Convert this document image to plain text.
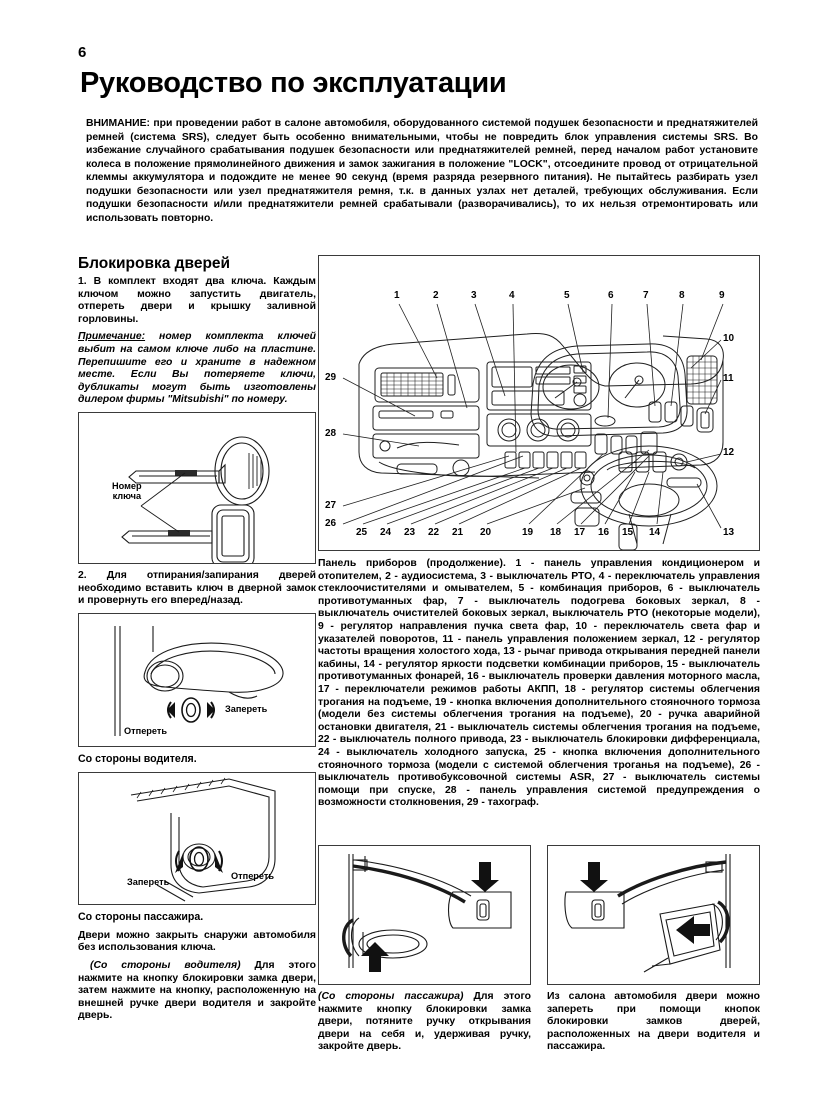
6
Руководство по эксплуатации
ВНИМАНИЕ: при проведении работ в салоне автомобиля, оборудованного системой подушек безопасности и преднатяжителей ремней (система SRS), следует быть особенно внимательными, чтобы не повредить блок управления системы SRS. Во избежание случайного срабатывания подушек безопасности или преднатяжителей ремней, перед началом работ установите колеса в положение прямолинейного движения и замок зажигания в положение "LOCK", отсоедините провод от отрицательной клеммы аккумулятора и подождите не менее 90 секунд (время разряда резервного питания). Не пытайтесь разбирать узел подушки безопасности или узел преднатяжителя ремня, т.к. в данных узлах нет деталей, требующих обслуживания. Если подушки безопасности и/или преднатяжители ремней срабатывали (разворачивались), то их нельзя отремонтировать или использовать повторно.
Блокировка дверей

1. В комплект входят два ключа. Каждым ключом можно запустить двигатель, отпереть двери и крышку заливной горловины.

Примечание: номер комплекта ключей выбит на самом ключе либо на пластине. Перепишите его и храните в надежном месте. Если Вы потеряете ключи, дубликаты могут быть изготовлены дилером фирмы "Mitsubishi" по номеру.

Номер
ключа

2. Для отпирания/запирания дверей необходимо вставить ключ в дверной замок и провернуть его вперед/назад.

Запереть
Отпереть
Со стороны водителя.
Запереть
Отпереть
Со стороны пассажира.

Двери можно закрыть снаружи автомобиля без использования ключа.

(Со стороны водителя) Для этого нажмите на кнопку блокировки замка двери, затем нажмите на кнопку, расположенную на внешней ручке двери водителя и закройте дверь.

1	2	3	4	5	6	7	8	9
10
11
12
13
14
15
16
17
18
19
20
21
22
23
24
25
26
27
28
29
Панель приборов (продолжение). 1 - панель управления кондиционером и отопителем, 2 - аудиосистема, 3 - выключатель РТО, 4 - переключатель управления стеклоочистителями и омывателем, 5 - комбинация приборов, 6 - выключатель противотуманных фар, 7 - выключатель подогрева боковых зеркал, 8 - выключатель очистителей боковых зеркал, выключатель РТО (некоторые модели), 9 - регулятор направления пучка света фар, 10 - переключатель света фар и указателей поворотов, 11 - панель управления положением зеркал, 12 - регулятор частоты вращения холостого хода, 13 - рычаг привода открывания передней панели кабины, 14 - регулятор яркости подсветки комбинации приборов, 15 - выключатель противотуманных фонарей, 16 - выключатель проверки давления моторного масла, 17 - переключатели режимов работы АКПП, 18 - регулятор системы облегчения трогания на подъеме, 19 - кнопка включения дополнительного стояночного тормоза (модели без системы облегчения трогания на подъеме), 20 - ручка аварийной остановки двигателя, 21 - выключатель системы облегчения трогания на подъеме, 22 - выключатель полного привода, 23 - выключатель блокировки дифференциала, 24 - выключатель холодного запуска, 25 - кнопка включения дополнительного стояночного тормоза (модели с системой облегчения троганья на подъеме), 26 - выключатель противобуксовочной системы ASR, 27 - выключатель системы помощи при спуске, 28 - панель управления системой предупреждения о возможности столкновения, 29 - тахограф.

(Со стороны пассажира) Для этого нажмите кнопку блокировки замка двери, потяните ручку открывания двери на себя и, удерживая ручку, закройте дверь.

Из салона автомобиля двери можно запереть при помощи кнопок блокировки замков дверей, расположенных на двери водителя и пассажира.
